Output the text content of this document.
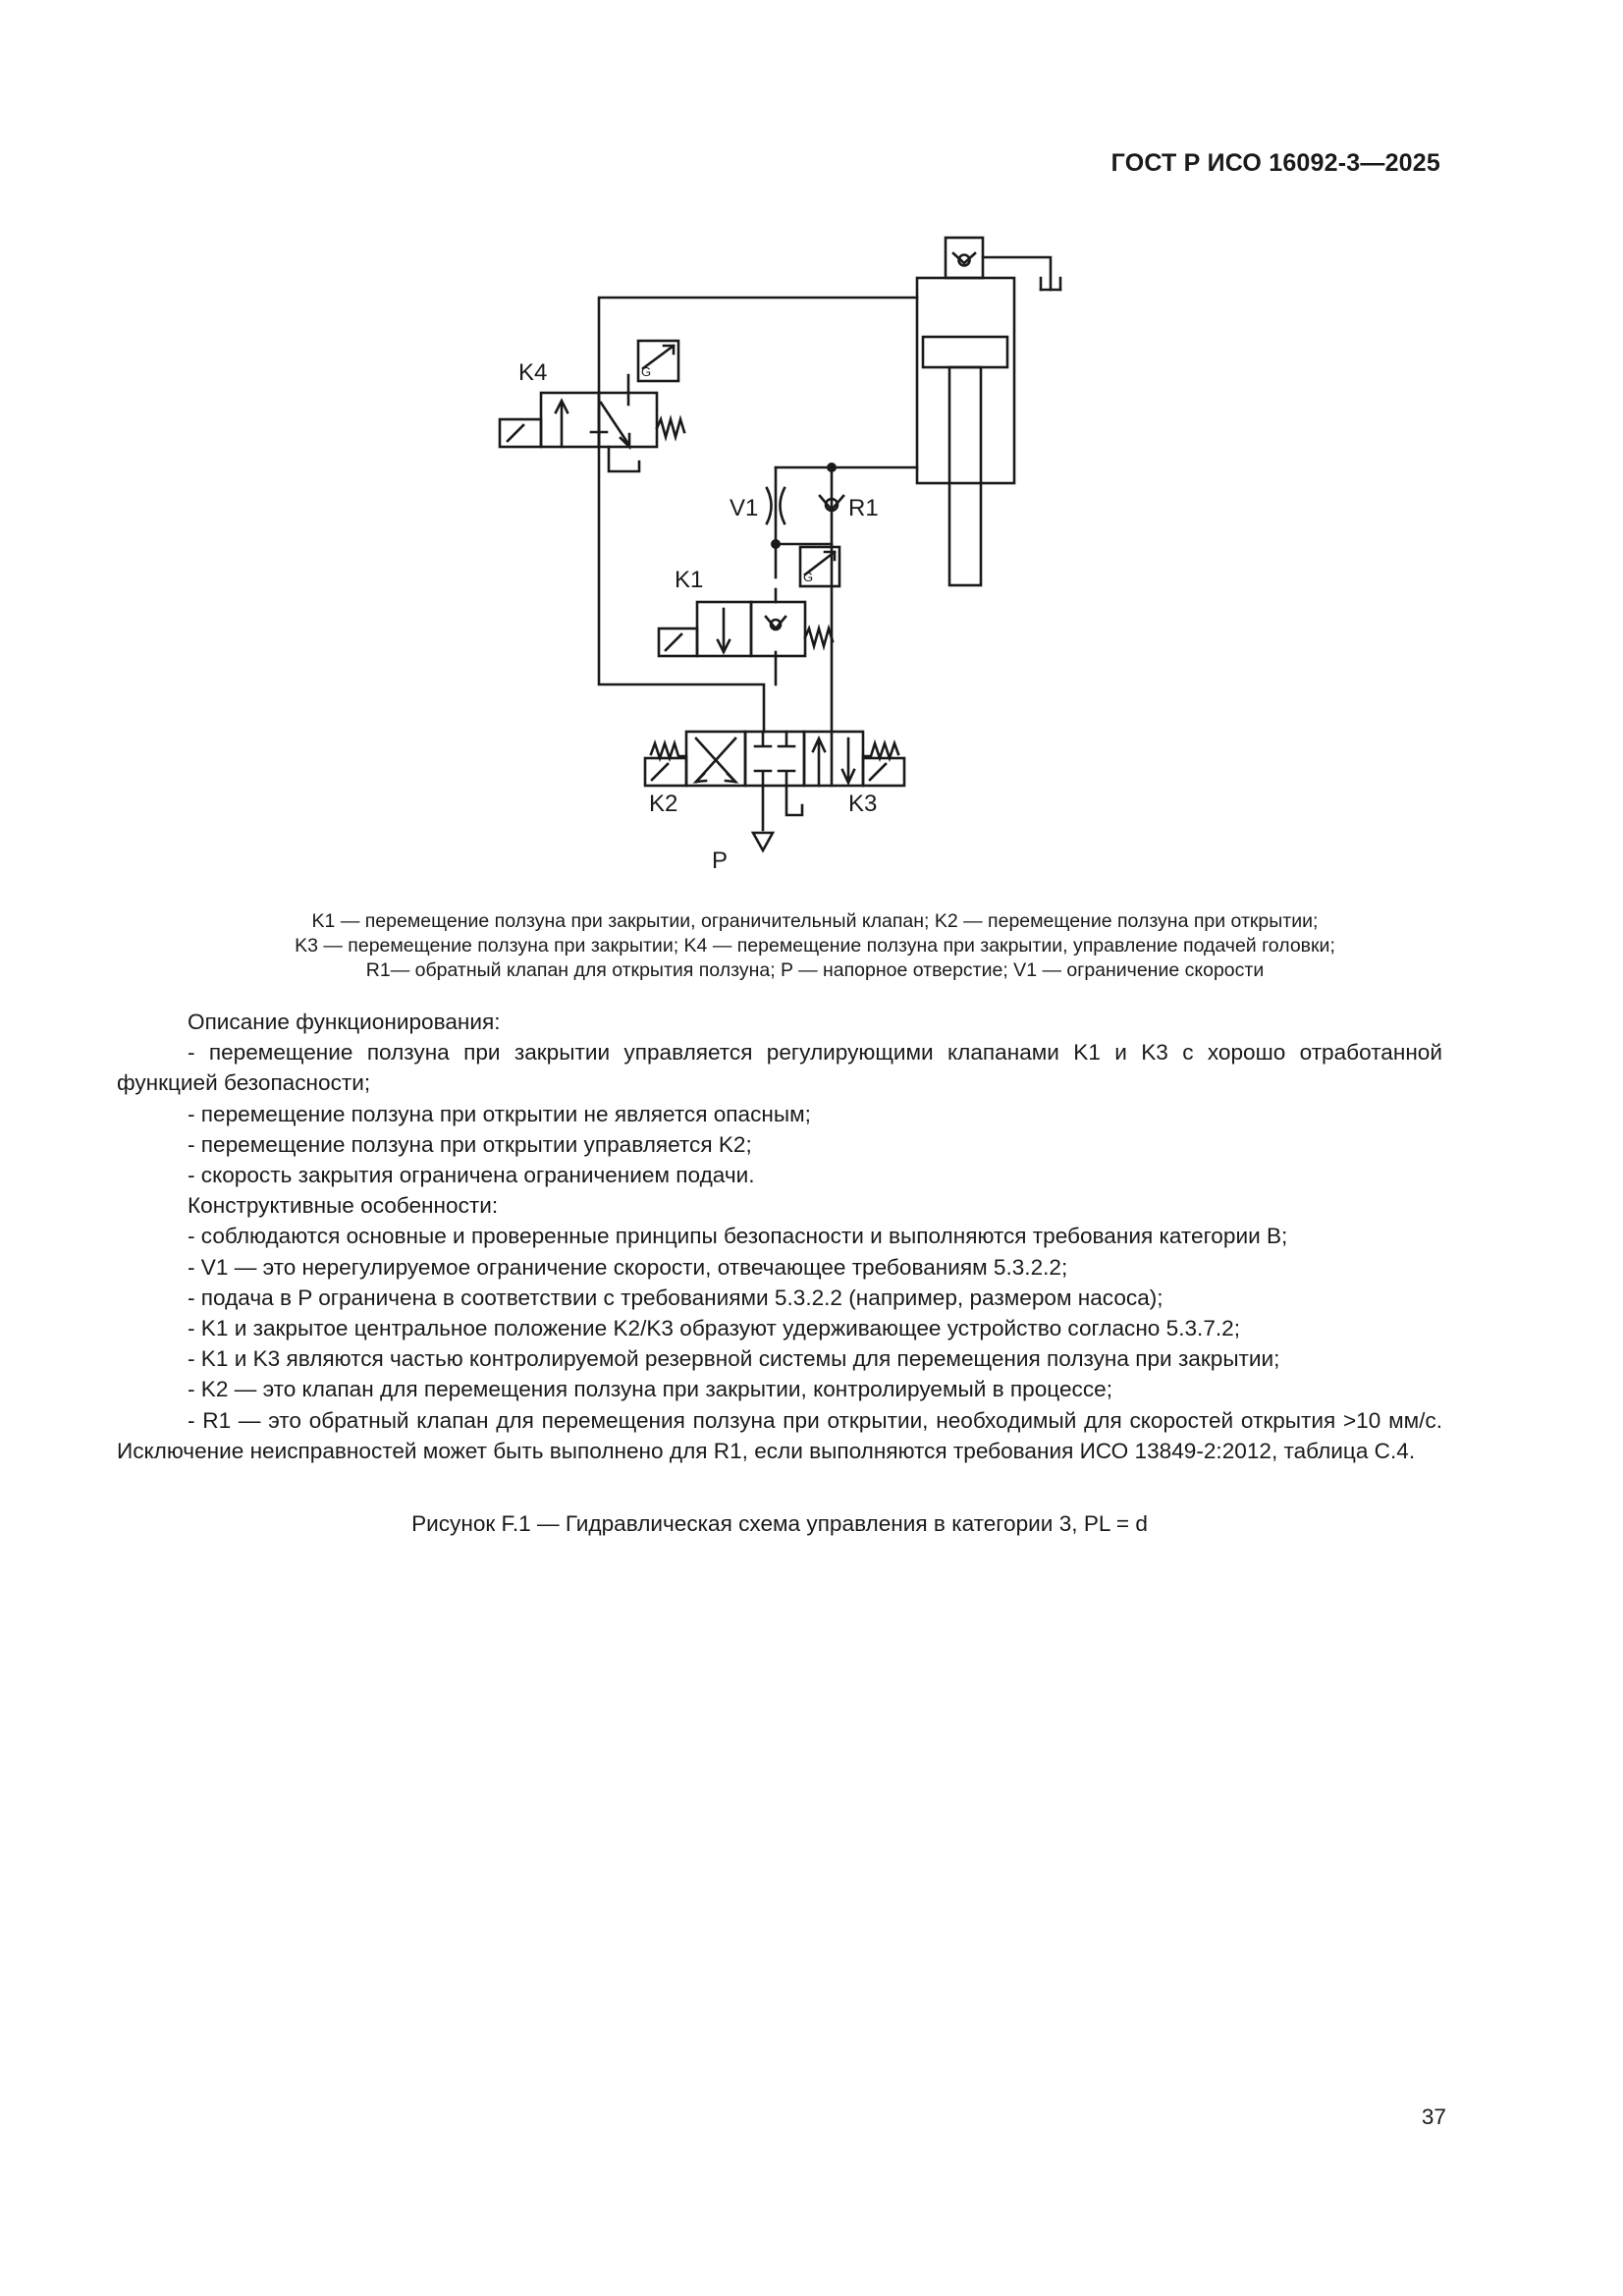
ГОСТ Р ИСО 16092-3—2025
K4
K1
K2	K3
V1	R1
P
G
G
K1 — перемещение ползуна при закрытии, ограничительный клапан; K2 — перемещение ползуна при открытии;
K3 — перемещение ползуна при закрытии; K4 — перемещение ползуна при закрытии, управление подачей головки;
R1— обратный клапан для открытия ползуна; P — напорное отверстие; V1 — ограничение скорости

Описание функционирования:

- перемещение ползуна при закрытии управляется регулирующими клапанами K1 и K3 с хорошо отработанной функцией безопасности;

- перемещение ползуна при открытии не является опасным;

- перемещение ползуна при открытии управляется K2;

- скорость закрытия ограничена ограничением подачи.

Конструктивные особенности:

- соблюдаются основные и проверенные принципы безопасности и выполняются требования категории B;

- V1 — это нерегулируемое ограничение скорости, отвечающее требованиям 5.3.2.2;

- подача в P ограничена в соответствии с требованиями 5.3.2.2 (например, размером насоса);

- K1 и закрытое центральное положение K2/K3 образуют удерживающее устройство согласно 5.3.7.2;

- K1 и K3 являются частью контролируемой резервной системы для перемещения ползуна при закрытии;

- K2 — это клапан для перемещения ползуна при закрытии, контролируемый в процессе;

- R1 — это обратный клапан для перемещения ползуна при открытии, необходимый для скоростей открытия >10 мм/с. Исключение неисправностей может быть выполнено для R1, если выполняются требования ИСО 13849-2:2012, таблица C.4.

Рисунок F.1 — Гидравлическая схема управления в категории 3, PL = d
37
